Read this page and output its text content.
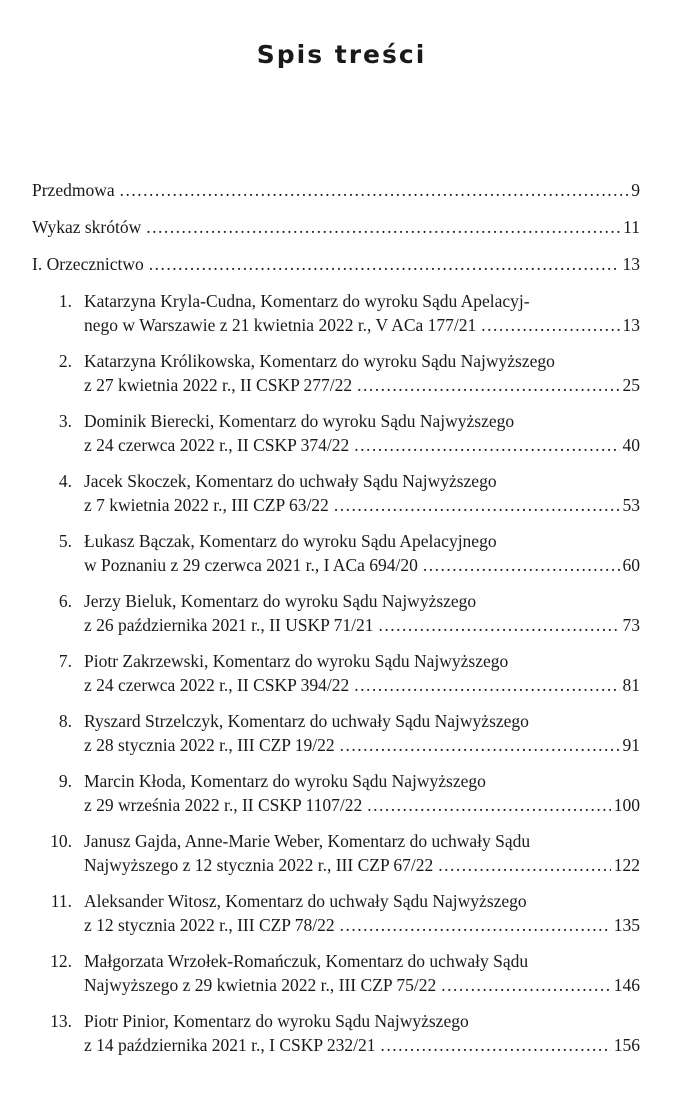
Spis treści
Przedmowa .....	9
Wykaz skrótów .....	11
I. Orzecznictwo .....	13
1. Katarzyna Kryla-Cudna, Komentarz do wyroku Sądu Apelacyj-
nego w Warszawie z 21 kwietnia 2022 r., V ACa 177/21 .....	13
2. Katarzyna Królikowska, Komentarz do wyroku Sądu Najwyższego
z 27 kwietnia 2022 r., II CSKP 277/22 .....	25
3. Dominik Bierecki, Komentarz do wyroku Sądu Najwyższego
z 24 czerwca 2022 r., II CSKP 374/22 .....	40
4. Jacek Skoczek, Komentarz do uchwały Sądu Najwyższego
z 7 kwietnia 2022 r., III CZP 63/22 .....	53
5. Łukasz Bączak, Komentarz do wyroku Sądu Apelacyjnego
w Poznaniu z 29 czerwca 2021 r., I ACa 694/20 .....	60
6. Jerzy Bieluk, Komentarz do wyroku Sądu Najwyższego
z 26 października 2021 r., II USKP 71/21 .....	73
7. Piotr Zakrzewski, Komentarz do wyroku Sądu Najwyższego
z 24 czerwca 2022 r., II CSKP 394/22 .....	81
8. Ryszard Strzelczyk, Komentarz do uchwały Sądu Najwyższego
z 28 stycznia 2022 r., III CZP 19/22 .....	91
9. Marcin Kłoda, Komentarz do wyroku Sądu Najwyższego
z 29 września 2022 r., II CSKP 1107/22 .....	100
10. Janusz Gajda, Anne-Marie Weber, Komentarz do uchwały Sądu
Najwyższego z 12 stycznia 2022 r., III CZP 67/22 .....	122
11. Aleksander Witosz, Komentarz do uchwały Sądu Najwyższego
z 12 stycznia 2022 r., III CZP 78/22 .....	135
12. Małgorzata Wrzołek-Romańczuk, Komentarz do uchwały Sądu
Najwyższego z 29 kwietnia 2022 r., III CZP 75/22 .....	146
13. Piotr Pinior, Komentarz do wyroku Sądu Najwyższego
z 14 października 2021 r., I CSKP 232/21 .....	156
